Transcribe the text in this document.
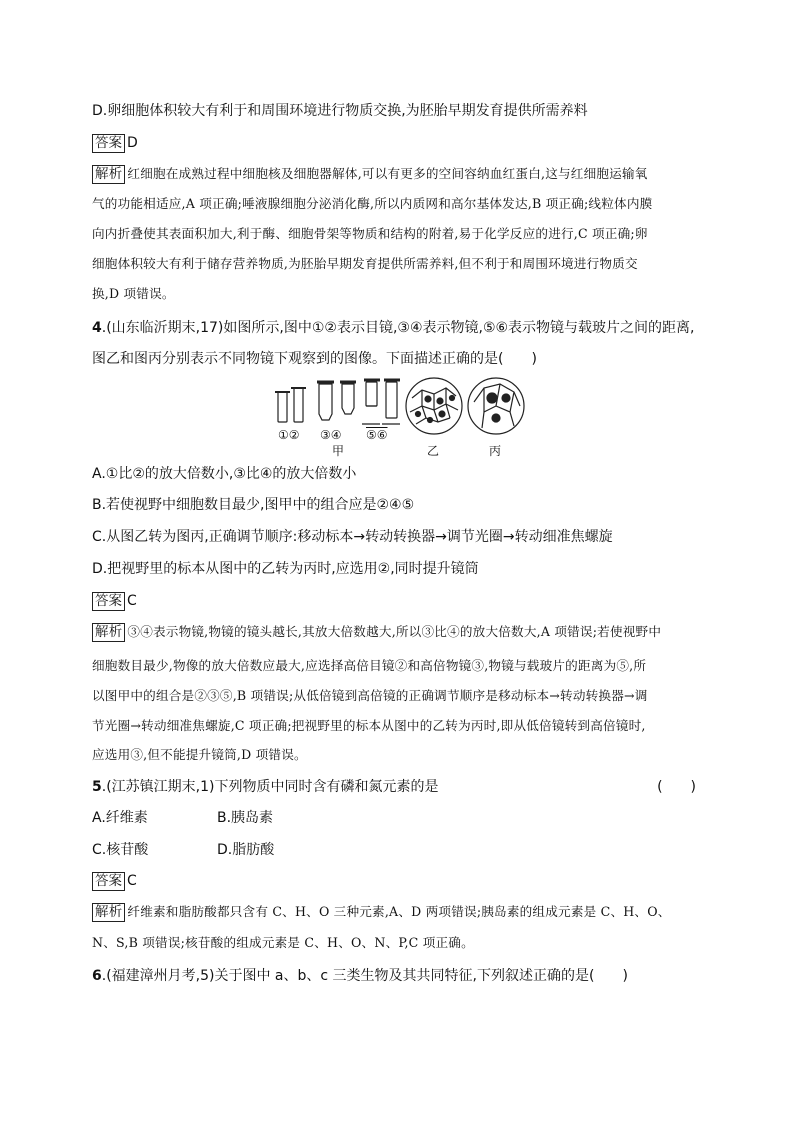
D.卵细胞体积较大有利于和周围环境进行物质交换,为胚胎早期发育提供所需养料
答案 D
解析 红细胞在成熟过程中细胞核及细胞器解体,可以有更多的空间容纳血红蛋白,这与红细胞运输氧
气的功能相适应,A 项正确;唾液腺细胞分泌消化酶,所以内质网和高尔基体发达,B 项正确;线粒体内膜
向内折叠使其表面积加大,利于酶、细胞骨架等物质和结构的附着,易于化学反应的进行,C 项正确;卵
细胞体积较大有利于储存营养物质,为胚胎早期发育提供所需养料,但不利于和周围环境进行物质交
换,D 项错误。
4.(山东临沂期末,17)如图所示,图中①②表示目镜,③④表示物镜,⑤⑥表示物镜与载玻片之间的距离,
图乙和图丙分别表示不同物镜下观察到的图像。下面描述正确的是(　　)
①② ③④ ⑤⑥
甲	乙	丙
A.①比②的放大倍数小,③比④的放大倍数小
B.若使视野中细胞数目最少,图甲中的组合应是②④⑤
C.从图乙转为图丙,正确调节顺序:移动标本→转动转换器→调节光圈→转动细准焦螺旋
D.把视野里的标本从图中的乙转为丙时,应选用②,同时提升镜筒
答案 C
解析 ③④表示物镜,物镜的镜头越长,其放大倍数越大,所以③比④的放大倍数大,A 项错误;若使视野中
细胞数目最少,物像的放大倍数应最大,应选择高倍目镜②和高倍物镜③,物镜与载玻片的距离为⑤,所
以图甲中的组合是②③⑤,B 项错误;从低倍镜到高倍镜的正确调节顺序是移动标本→转动转换器→调
节光圈→转动细准焦螺旋,C 项正确;把视野里的标本从图中的乙转为丙时,即从低倍镜转到高倍镜时,
应选用③,但不能提升镜筒,D 项错误。
5.(江苏镇江期末,1)下列物质中同时含有磷和氮元素的是	(　　)
A.纤维素	B.胰岛素
C.核苷酸	D.脂肪酸
答案 C
解析 纤维素和脂肪酸都只含有 C、H、O 三种元素,A、D 两项错误;胰岛素的组成元素是 C、H、O、
N、S,B 项错误;核苷酸的组成元素是 C、H、O、N、P,C 项正确。
6.(福建漳州月考,5)关于图中 a、b、c 三类生物及其共同特征,下列叙述正确的是(　　)
